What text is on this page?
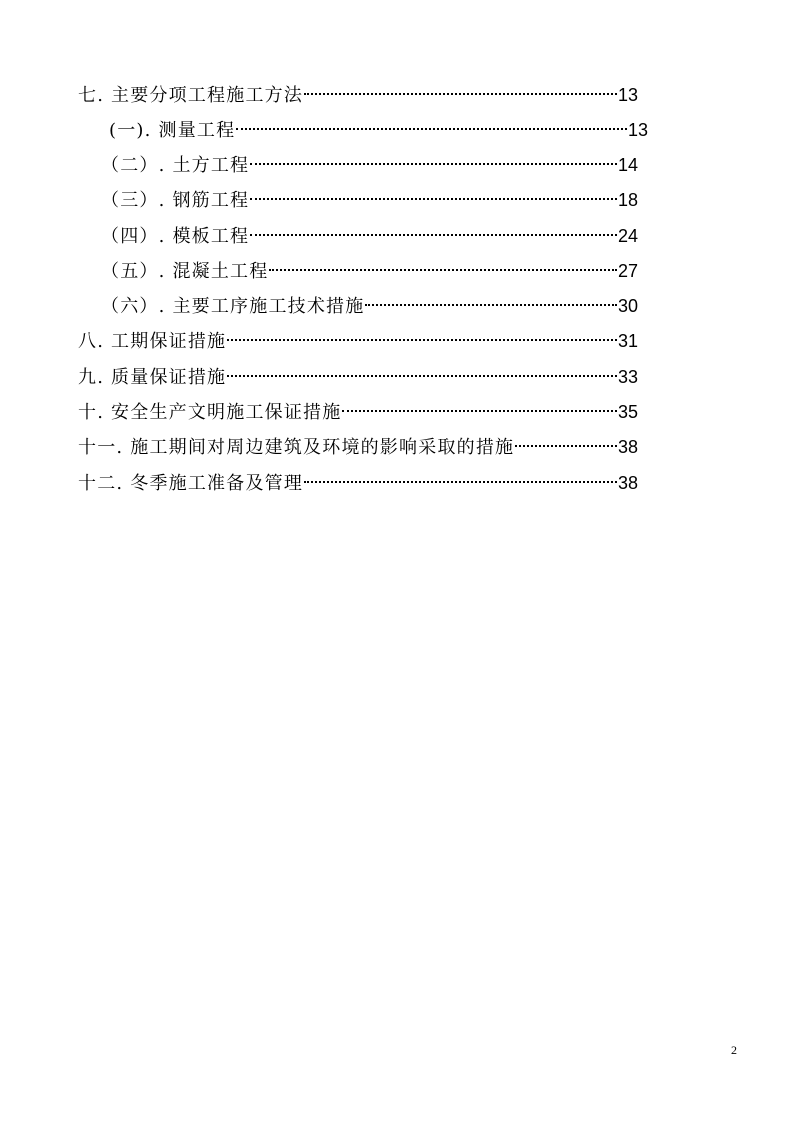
七. 主要分项工程施工方法	13
(一). 测量工程	13
（二）. 土方工程	14
（三）. 钢筋工程	18
（四）. 模板工程	24
（五）. 混凝土工程	27
（六）. 主要工序施工技术措施	30
八. 工期保证措施	31
九. 质量保证措施	33
十. 安全生产文明施工保证措施	35
十一. 施工期间对周边建筑及环境的影响采取的措施	38
十二. 冬季施工准备及管理	38
2
